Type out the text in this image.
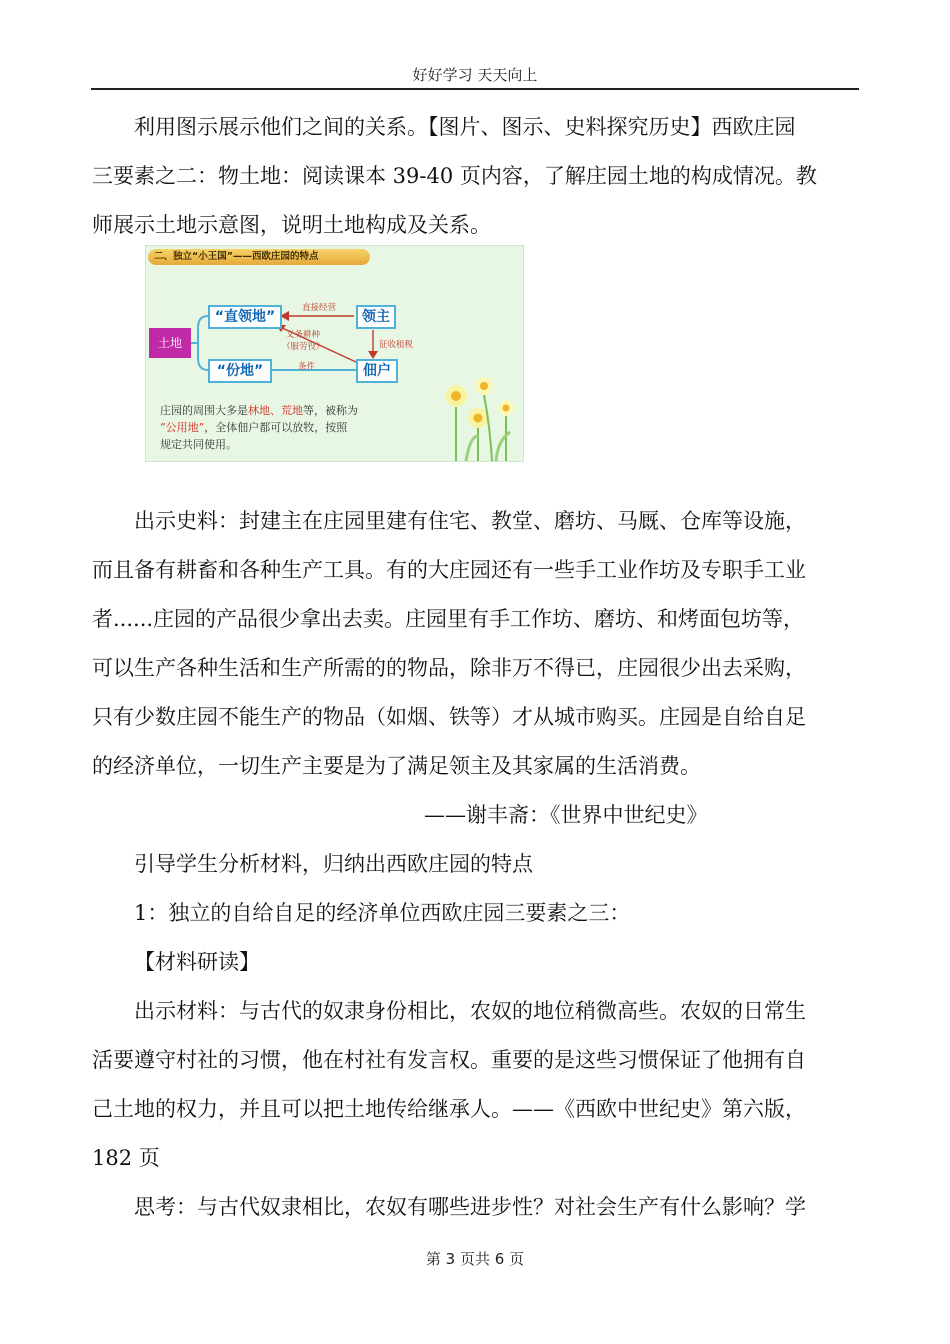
好好学习 天天向上

利用图示展示他们之间的关系。【图片、图示、史料探究历史】西欧庄园
三要素之二：物土地：阅读课本 39-40 页内容，了解庄园土地的构成情况。教
师展示土地示意图，说明土地构成及关系。

二、独立“小王国”——西欧庄园的特点
土地
“直领地”	领主
“份地”	佃户
直接经营
义务耕种
（服劳役）	征收租税
条件
庄园的周围大多是林地、荒地等，被称为
“公用地”，全体佃户都可以放牧，按照
规定共同使用。

出示史料：封建主在庄园里建有住宅、教堂、磨坊、马厩、仓库等设施，
而且备有耕畜和各种生产工具。有的大庄园还有一些手工业作坊及专职手工业
者......庄园的产品很少拿出去卖。庄园里有手工作坊、磨坊、和烤面包坊等，
可以生产各种生活和生产所需的的物品，除非万不得已，庄园很少出去采购，
只有少数庄园不能生产的物品（如烟、铁等）才从城市购买。庄园是自给自足
的经济单位，一切生产主要是为了满足领主及其家属的生活消费。
——谢丰斋：《世界中世纪史》
引导学生分析材料，归纳出西欧庄园的特点
1：独立的自给自足的经济单位西欧庄园三要素之三：
【材料研读】
出示材料：与古代的奴隶身份相比，农奴的地位稍微高些。农奴的日常生
活要遵守村社的习惯，他在村社有发言权。重要的是这些习惯保证了他拥有自
己土地的权力，并且可以把土地传给继承人。——《西欧中世纪史》第六版，
182 页
思考：与古代奴隶相比，农奴有哪些进步性？对社会生产有什么影响？学

第 3 页共 6 页
